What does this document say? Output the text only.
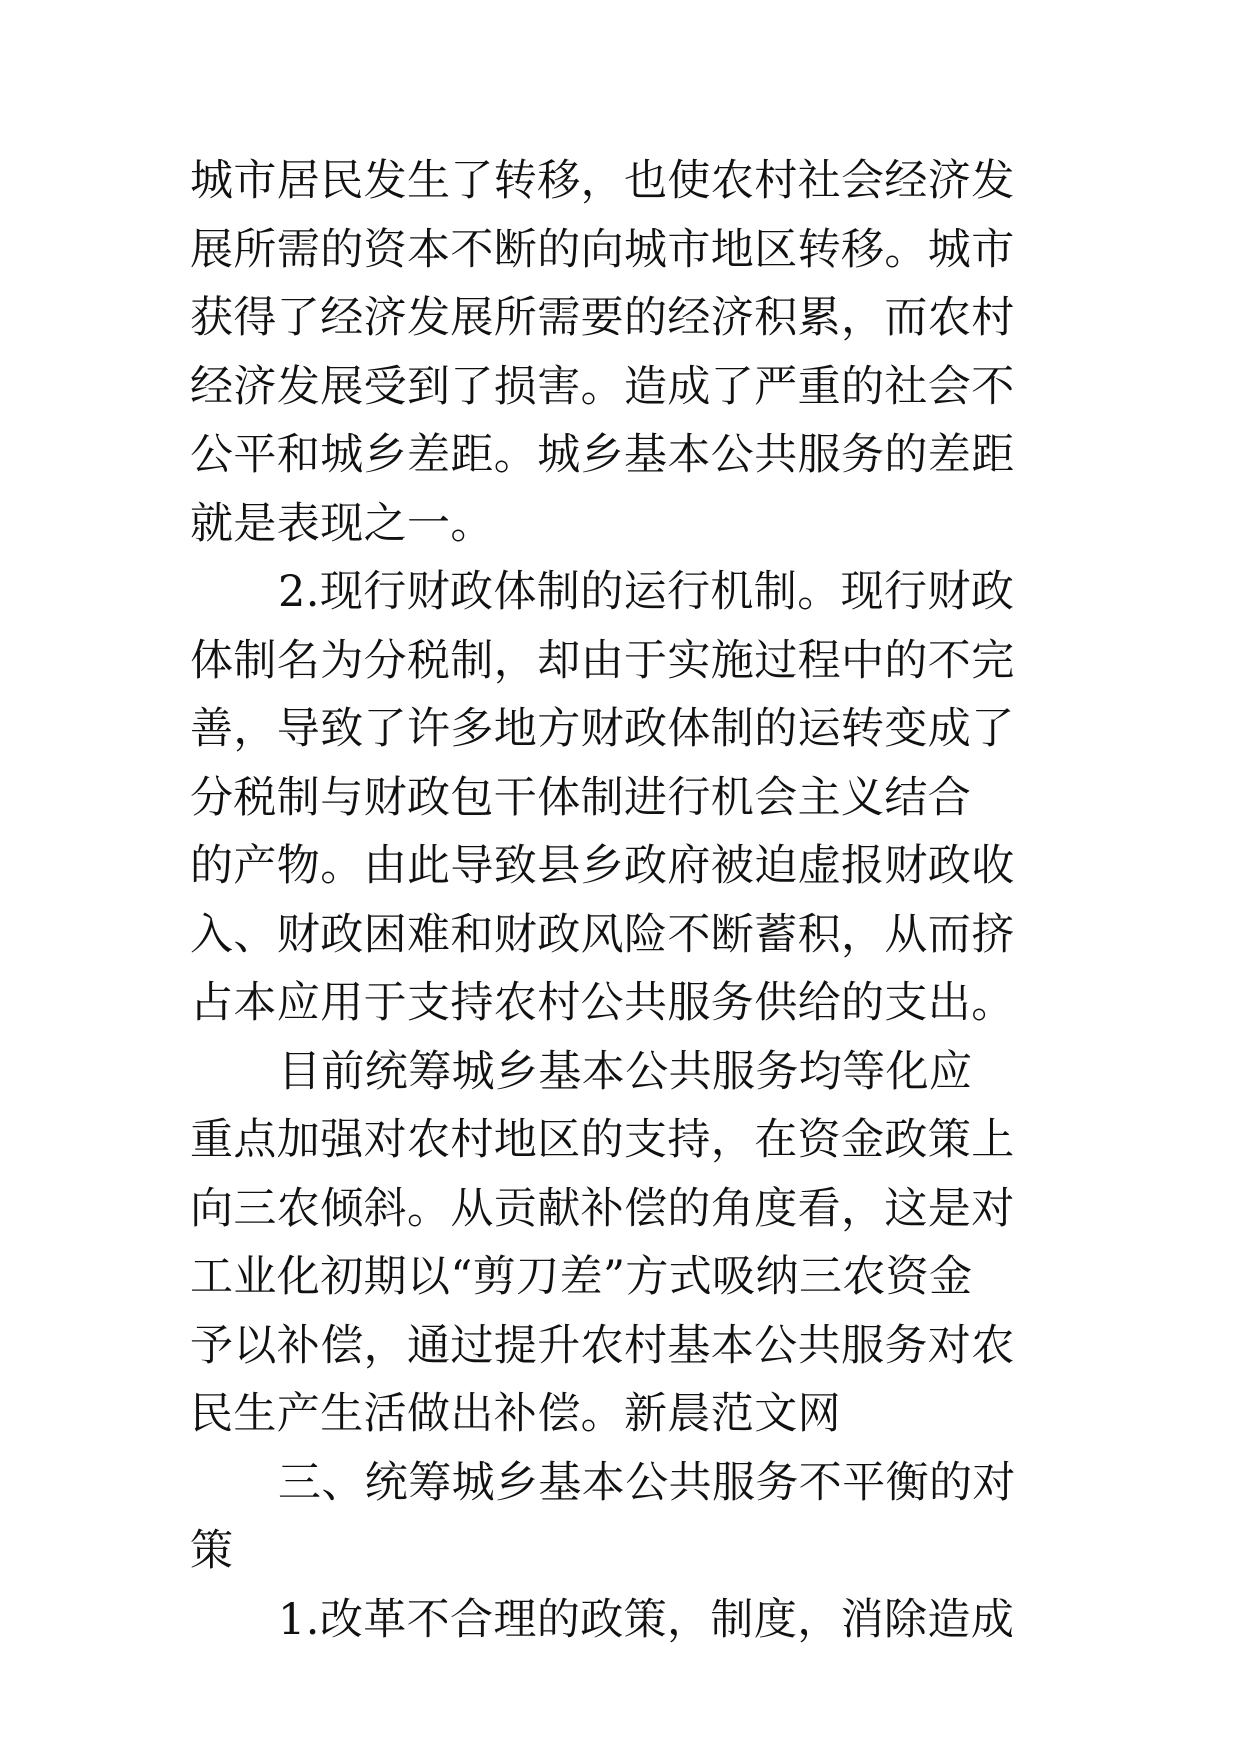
城市居民发生了转移，也使农村社会经济发
展所需的资本不断的向城市地区转移。城市
获得了经济发展所需要的经济积累，而农村
经济发展受到了损害。造成了严重的社会不
公平和城乡差距。城乡基本公共服务的差距
就是表现之一。
2.现行财政体制的运行机制。现行财政
体制名为分税制，却由于实施过程中的不完
善，导致了许多地方财政体制的运转变成了
分税制与财政包干体制进行机会主义结合
的产物。由此导致县乡政府被迫虚报财政收
入、财政困难和财政风险不断蓄积，从而挤
占本应用于支持农村公共服务供给的支出。
目前统筹城乡基本公共服务均等化应
重点加强对农村地区的支持，在资金政策上
向三农倾斜。从贡献补偿的角度看，这是对
工业化初期以“剪刀差”方式吸纳三农资金
予以补偿，通过提升农村基本公共服务对农
民生产生活做出补偿。新晨范文网
三、统筹城乡基本公共服务不平衡的对
策
1.改革不合理的政策，制度，消除造成
